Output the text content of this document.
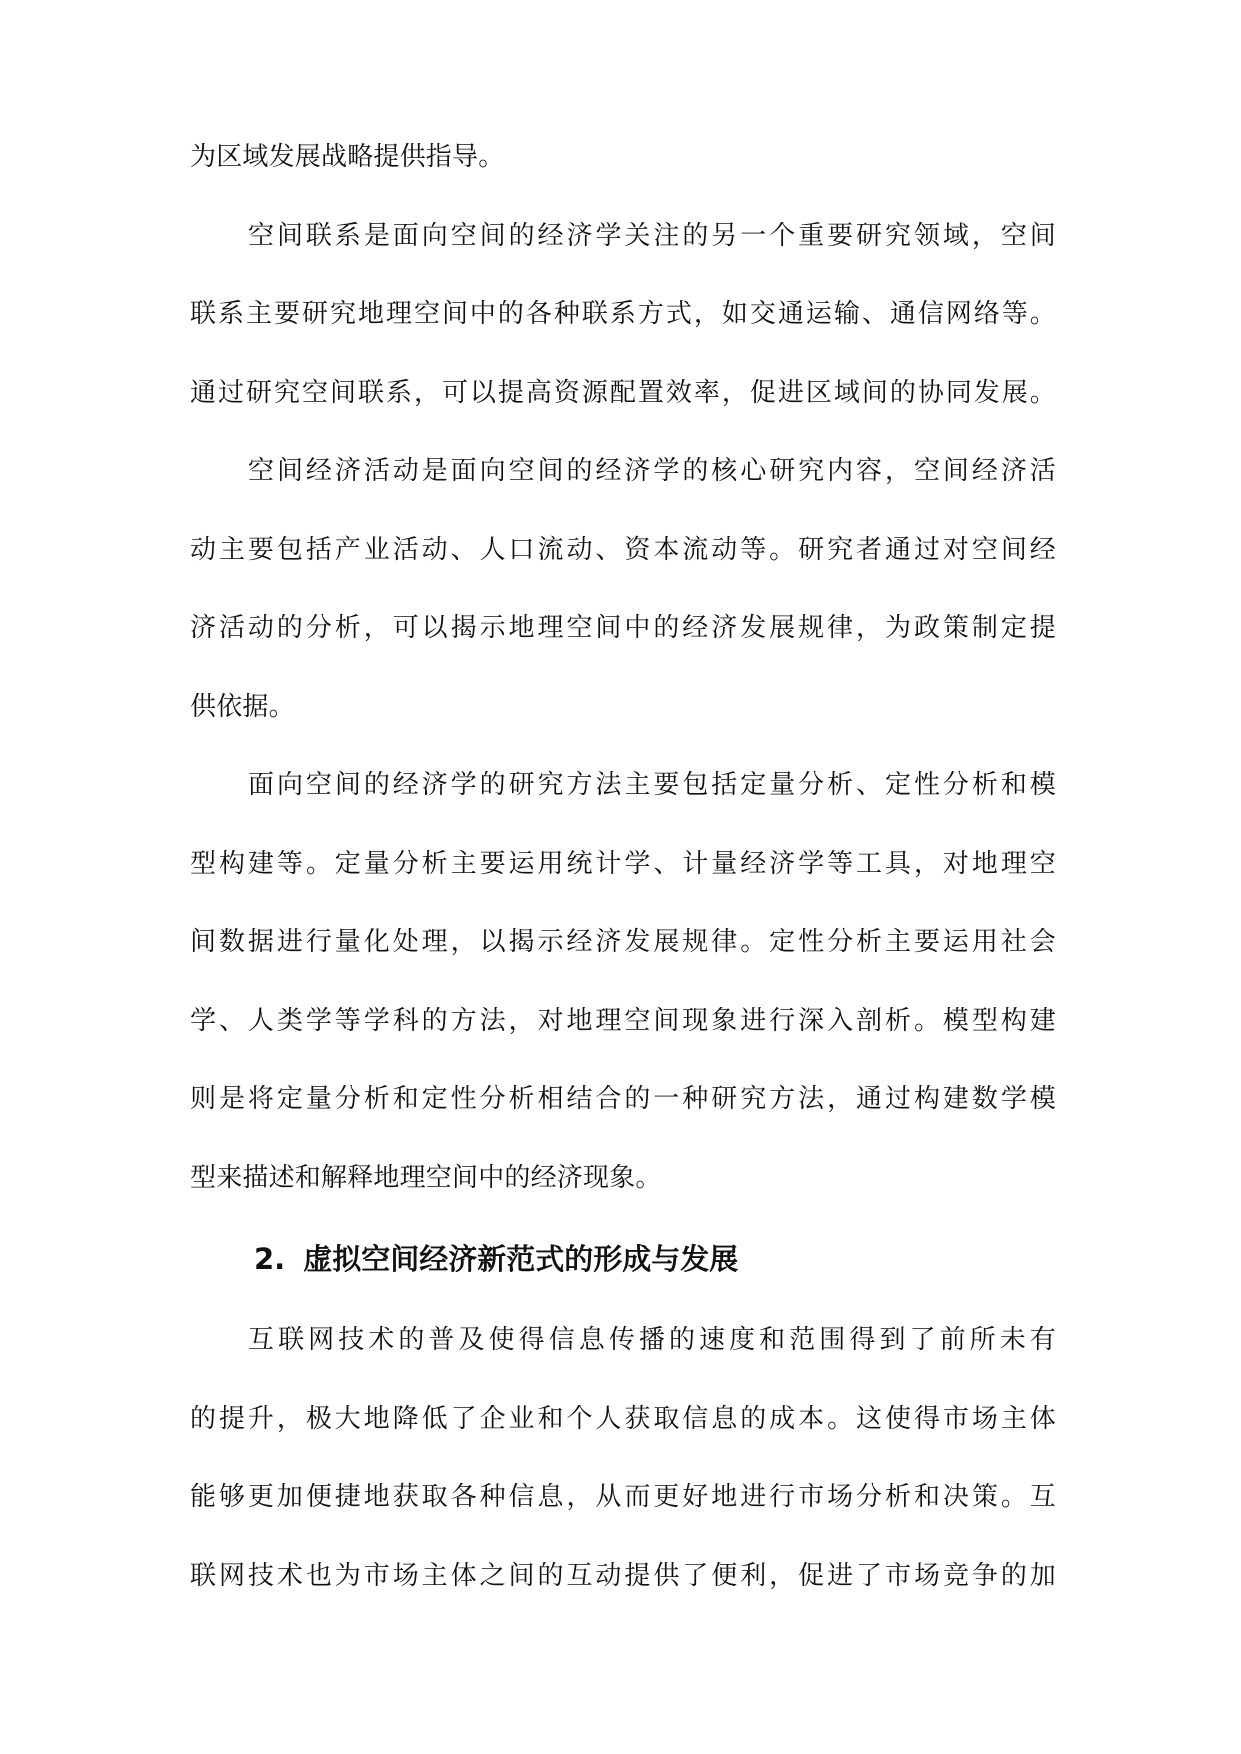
为区域发展战略提供指导。
空间联系是面向空间的经济学关注的另一个重要研究领域，空间
联系主要研究地理空间中的各种联系方式，如交通运输、通信网络等。
通过研究空间联系，可以提高资源配置效率，促进区域间的协同发展。
空间经济活动是面向空间的经济学的核心研究内容，空间经济活
动主要包括产业活动、人口流动、资本流动等。研究者通过对空间经
济活动的分析，可以揭示地理空间中的经济发展规律，为政策制定提
供依据。
面向空间的经济学的研究方法主要包括定量分析、定性分析和模
型构建等。定量分析主要运用统计学、计量经济学等工具，对地理空
间数据进行量化处理，以揭示经济发展规律。定性分析主要运用社会
学、人类学等学科的方法，对地理空间现象进行深入剖析。模型构建
则是将定量分析和定性分析相结合的一种研究方法，通过构建数学模
型来描述和解释地理空间中的经济现象。
2. 虚拟空间经济新范式的形成与发展
互联网技术的普及使得信息传播的速度和范围得到了前所未有
的提升，极大地降低了企业和个人获取信息的成本。这使得市场主体
能够更加便捷地获取各种信息，从而更好地进行市场分析和决策。互
联网技术也为市场主体之间的互动提供了便利，促进了市场竞争的加
